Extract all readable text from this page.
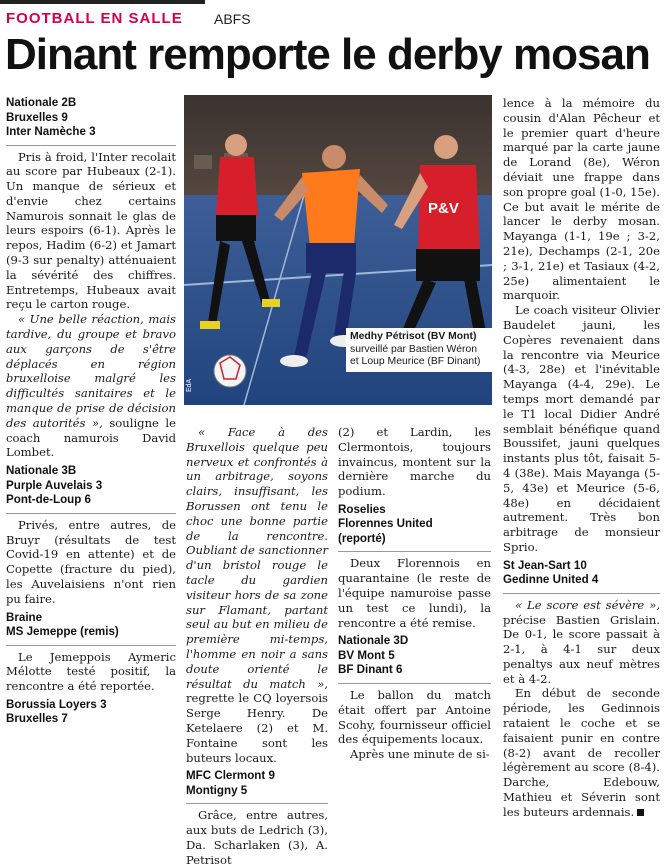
FOOTBALL EN SALLE ABFS
Dinant remporte le derby mosan
Nationale 2B
Bruxelles 9
Inter Namèche 3

Pris à froid, l'Inter recolait au score par Hubeaux (2-1). Un manque de sérieux et d'envie chez certains Namurois sonnait le glas de leurs espoirs (6-1). Après le repos, Hadim (6-2) et Jamart (9-3 sur penalty) atténuaient la sévérité des chiffres. Entretemps, Hubeaux avait reçu le carton rouge.

« Une belle réaction, mais tardive, du groupe et bravo aux garçons de s'être déplacés en région bruxelloise malgré les difficultés sanitaires et le manque de prise de décision des autorités », souligne le coach namurois David Lombet.

Nationale 3B
Purple Auvelais 3
Pont-de-Loup 6

Privés, entre autres, de Bruyr (résultats de test Covid-19 en attente) et de Copette (fracture du pied), les Auvelaisiens n'ont rien pu faire.

Braine
MS Jemeppe (remis)

Le Jemeppois Aymeric Mélotte testé positif, la rencontre a été reportée.

Borussia Loyers 3
Bruxelles 7
P&V
EdA
Medhy Pétrisot (BV Mont) surveillé par Bastien Wéron et Loup Meurice (BF Dinant)

« Face à des Bruxellois quelque peu nerveux et confrontés à un arbitrage, soyons clairs, insuffisant, les Borussen ont tenu le choc une bonne partie de la rencontre. Oubliant de sanctionner d'un bristol rouge le tacle du gardien visiteur hors de sa zone sur Flamant, partant seul au but en milieu de première mi-temps, l'homme en noir a sans doute orienté le résultat du match », regrette le CQ loyersois Serge Henry. De Ketelaere (2) et M. Fontaine sont les buteurs locaux.

MFC Clermont 9
Montigny 5

Grâce, entre autres, aux buts de Ledrich (3), Da. Scharlaken (3), A. Petrisot

(2) et Lardin, les Clermontois, toujours invaincus, montent sur la dernière marche du podium.

Roselies
Florennes United
(reporté)

Deux Florennois en quarantaine (le reste de l'équipe namuroise passe un test ce lundi), la rencontre a été remise.

Nationale 3D
BV Mont 5
BF Dinant 6

Le ballon du match était offert par Antoine Scohy, fournisseur officiel des équipements locaux.

Après une minute de si-

lence à la mémoire du cousin d'Alan Pêcheur et le premier quart d'heure marqué par la carte jaune de Lorand (8e), Wéron déviait une frappe dans son propre goal (1-0, 15e). Ce but avait le mérite de lancer le derby mosan. Mayanga (1-1, 19e ; 3-2, 21e), Dechamps (2-1, 20e ; 3-1, 21e) et Tasiaux (4-2, 25e) alimentaient le marquoir.

Le coach visiteur Olivier Baudelet jauni, les Copères revenaient dans la rencontre via Meurice (4-3, 28e) et l'inévitable Mayanga (4-4, 29e). Le temps mort demandé par le T1 local Didier André semblait bénéfique quand Boussifet, jauni quelques instants plus tôt, faisait 5-4 (38e). Mais Mayanga (5-5, 43e) et Meurice (5-6, 48e) en décidaient autrement. Très bon arbitrage de monsieur Sprio.

St Jean-Sart 10
Gedinne United 4

« Le score est sévère », précise Bastien Grislain. De 0-1, le score passait à 2-1, à 4-1 sur deux penaltys aux neuf mètres et à 4-2.

En début de seconde période, les Gedinnois rataient le coche et se faisaient punir en contre (8-2) avant de recoller légèrement au score (8-4). Darche, Edebouw, Mathieu et Séverin sont les buteurs ardennais.
